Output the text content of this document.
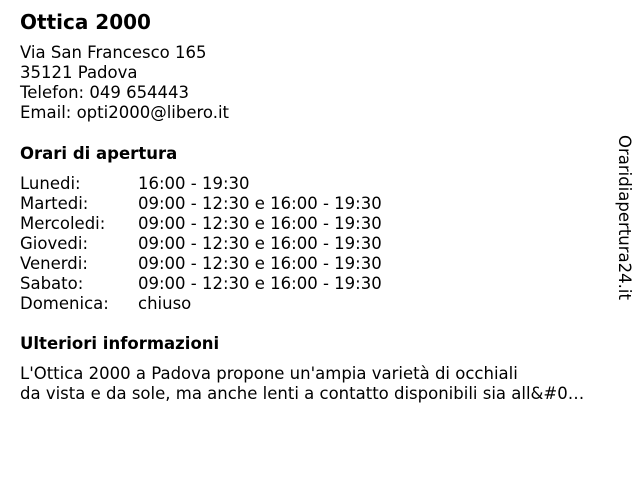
Ottica 2000
Via San Francesco 165
35121 Padova
Telefon: 049 654443
Email: opti2000@libero.it
Orari di apertura
Lunedi:	16:00 - 19:30
Martedi:	09:00 - 12:30 e 16:00 - 19:30
Mercoledi: 09:00 - 12:30 e 16:00 - 19:30
Giovedi:	09:00 - 12:30 e 16:00 - 19:30
Venerdi:	09:00 - 12:30 e 16:00 - 19:30
Sabato:	09:00 - 12:30 e 16:00 - 19:30
Domenica: chiuso
Ulteriori informazioni
L'Ottica 2000 a Padova propone un'ampia varietà di occhiali
da vista e da sole, ma anche lenti a contatto disponibili sia all&#0…
Oraridiapertura24.it
